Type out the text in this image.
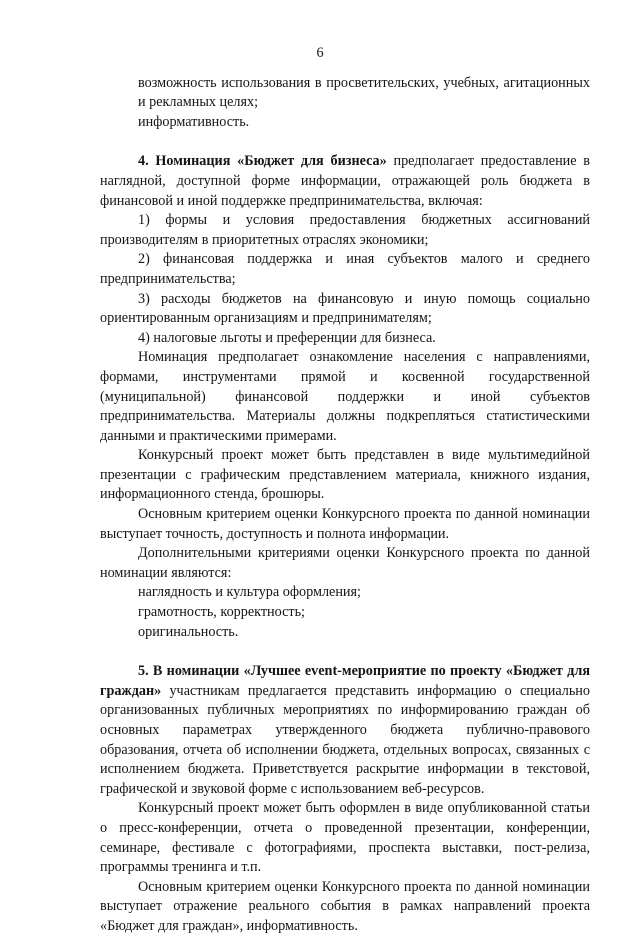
6

возможность использования в просветительских, учебных, агитационных и рекламных целях;

информативность.

4. Номинация «Бюджет для бизнеса» предполагает предоставление в наглядной, доступной форме информации, отражающей роль бюджета в финансовой и иной поддержке предпринимательства, включая:

1) формы и условия предоставления бюджетных ассигнований производителям в приоритетных отраслях экономики;

2) финансовая поддержка и иная субъектов малого и среднего предпринимательства;

3) расходы бюджетов на финансовую и иную помощь социально ориентированным организациям и предпринимателям;

4) налоговые льготы и преференции для бизнеса.

Номинация предполагает ознакомление населения с направлениями, формами, инструментами прямой и косвенной государственной (муниципальной) финансовой поддержки и иной субъектов предпринимательства. Материалы должны подкрепляться статистическими данными и практическими примерами.

Конкурсный проект может быть представлен в виде мультимедийной презентации с графическим представлением материала, книжного издания, информационного стенда, брошюры.

Основным критерием оценки Конкурсного проекта по данной номинации выступает точность, доступность и полнота информации.

Дополнительными критериями оценки Конкурсного проекта по данной номинации являются:

наглядность и культура оформления;

грамотность, корректность;

оригинальность.

5. В номинации «Лучшее event-мероприятие по проекту «Бюджет для граждан» участникам предлагается представить информацию о специально организованных публичных мероприятиях по информированию граждан об основных параметрах утвержденного бюджета публично-правового образования, отчета об исполнении бюджета, отдельных вопросах, связанных с исполнением бюджета. Приветствуется раскрытие информации в текстовой, графической и звуковой форме с использованием веб-ресурсов.

Конкурсный проект может быть оформлен в виде опубликованной статьи о пресс-конференции, отчета о проведенной презентации, конференции, семинаре, фестивале с фотографиями, проспекта выставки, пост-релиза, программы тренинга и т.п.

Основным критерием оценки Конкурсного проекта по данной номинации выступает отражение реального события в рамках направлений проекта «Бюджет для граждан», информативность.
